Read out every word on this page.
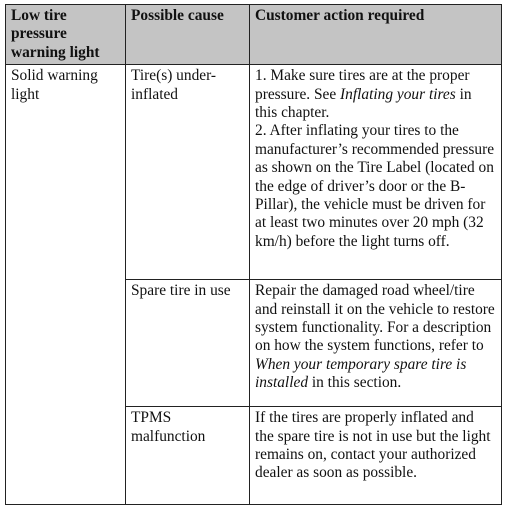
Low tire pressure warning light	Possible cause	Customer action required
Solid warning light	Tire(s) under-inflated	1. Make sure tires are at the proper pressure. See Inflating your tires in this chapter.
2. After inflating your tires to the manufacturer’s recommended pressure as shown on the Tire Label (located on the edge of driver’s door or the B-Pillar), the vehicle must be driven for at least two minutes over 20 mph (32 km/h) before the light turns off.

	Spare tire in use	Repair the damaged road wheel/tire and reinstall it on the vehicle to restore system functionality. For a description on how the system functions, refer to When your temporary spare tire is installed in this section.
	TPMS malfunction	If the tires are properly inflated and the spare tire is not in use but the light remains on, contact your authorized dealer as soon as possible.
